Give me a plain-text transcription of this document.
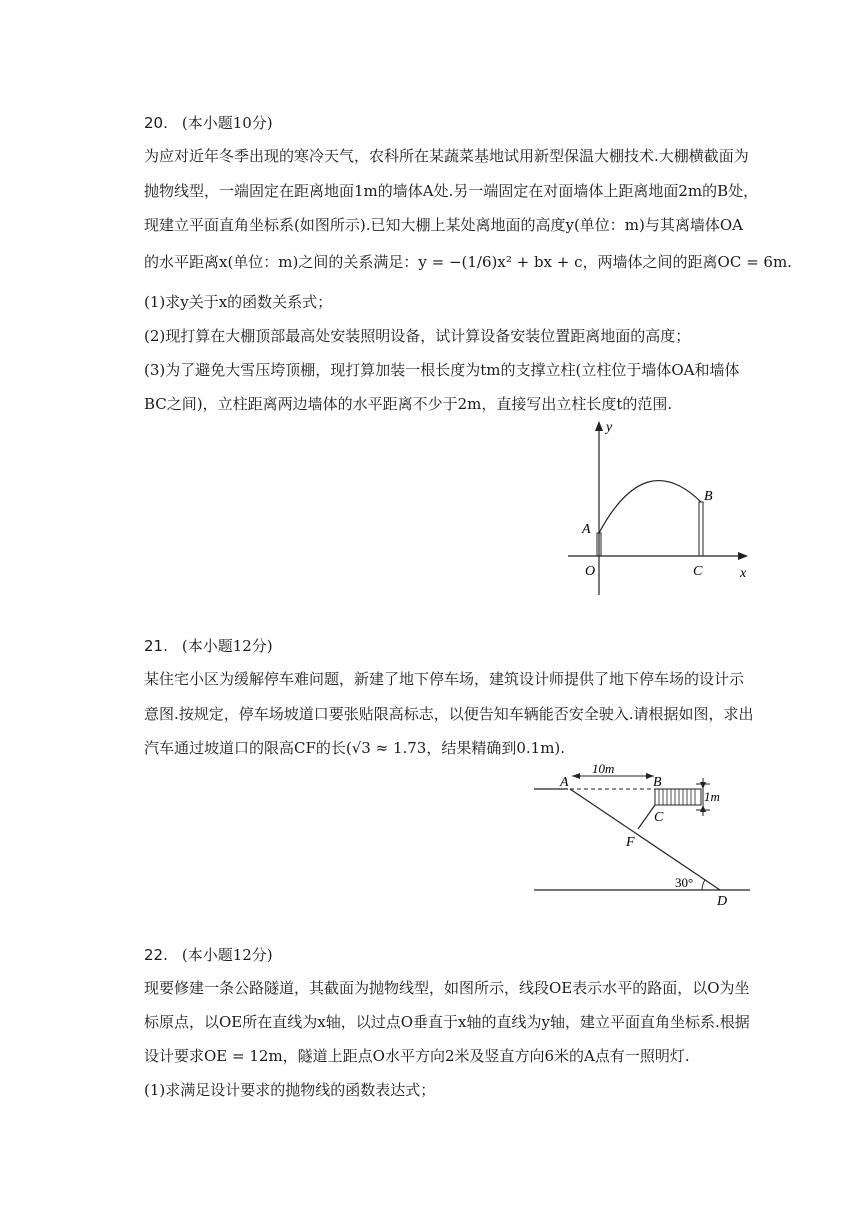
20. (本小题10分)
为应对近年冬季出现的寒冷天气，农科所在某蔬菜基地试用新型保温大棚技术.大棚横截面为
抛物线型，一端固定在距离地面1m的墙体A处.另一端固定在对面墙体上距离地面2m的B处，
现建立平面直角坐标系(如图所示).已知大棚上某处离地面的高度y(单位：m)与其离墙体OA
的水平距离x(单位：m)之间的关系满足：y = −(1/6)x² + bx + c，两墙体之间的距离OC = 6m.
(1)求y关于x的函数关系式；
(2)现打算在大棚顶部最高处安装照明设备，试计算设备安装位置距离地面的高度；
(3)为了避免大雪压垮顶棚，现打算加装一根长度为tm的支撑立柱(立柱位于墙体OA和墙体
BC之间)，立柱距离两边墙体的水平距离不少于2m，直接写出立柱长度t的范围.
y
x
A
B
O	C
21. (本小题12分)
某住宅小区为缓解停车难问题，新建了地下停车场，建筑设计师提供了地下停车场的设计示
意图.按规定，停车场坡道口要张贴限高标志，以便告知车辆能否安全驶入.请根据如图，求出
汽车通过坡道口的限高CF的长(√3 ≈ 1.73，结果精确到0.1m).
10m
1m
30°
A	B
C
F
D
22. (本小题12分)
现要修建一条公路隧道，其截面为抛物线型，如图所示，线段OE表示水平的路面，以O为坐
标原点，以OE所在直线为x轴，以过点O垂直于x轴的直线为y轴，建立平面直角坐标系.根据
设计要求OE = 12m，隧道上距点O水平方向2米及竖直方向6米的A点有一照明灯.
(1)求满足设计要求的抛物线的函数表达式；
